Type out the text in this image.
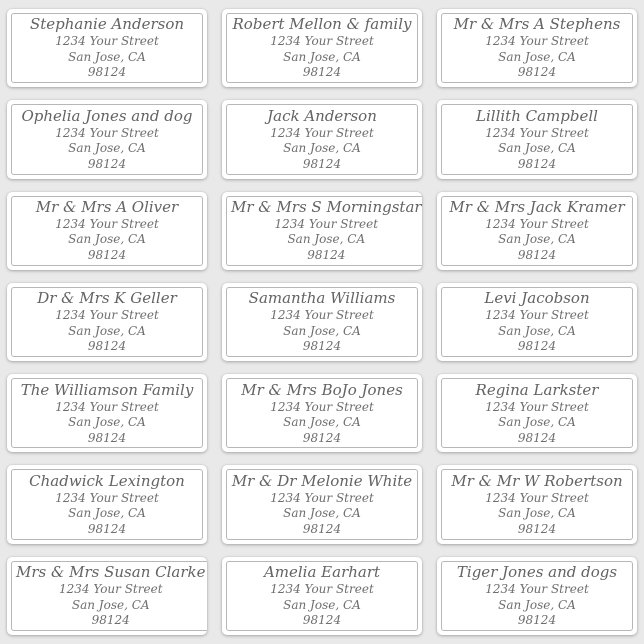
Stephanie Anderson
1234 Your Street
San Jose, CA
98124
Robert Mellon & family
1234 Your Street
San Jose, CA
98124
Mr & Mrs A Stephens
1234 Your Street
San Jose, CA
98124
Ophelia Jones and dog
1234 Your Street
San Jose, CA
98124
Jack Anderson
1234 Your Street
San Jose, CA
98124
Lillith Campbell
1234 Your Street
San Jose, CA
98124
Mr & Mrs A Oliver
1234 Your Street
San Jose, CA
98124
Mr & Mrs S Morningstar
1234 Your Street
San Jose, CA
98124
Mr & Mrs Jack Kramer
1234 Your Street
San Jose, CA
98124
Dr & Mrs K Geller
1234 Your Street
San Jose, CA
98124
Samantha Williams
1234 Your Street
San Jose, CA
98124
Levi Jacobson
1234 Your Street
San Jose, CA
98124
The Williamson Family
1234 Your Street
San Jose, CA
98124
Mr & Mrs BoJo Jones
1234 Your Street
San Jose, CA
98124
Regina Larkster
1234 Your Street
San Jose, CA
98124
Chadwick Lexington
1234 Your Street
San Jose, CA
98124
Mr & Dr Melonie White
1234 Your Street
San Jose, CA
98124
Mr & Mr W Robertson
1234 Your Street
San Jose, CA
98124
Mrs & Mrs Susan Clarke
1234 Your Street
San Jose, CA
98124
Amelia Earhart
1234 Your Street
San Jose, CA
98124
Tiger Jones and dogs
1234 Your Street
San Jose, CA
98124
